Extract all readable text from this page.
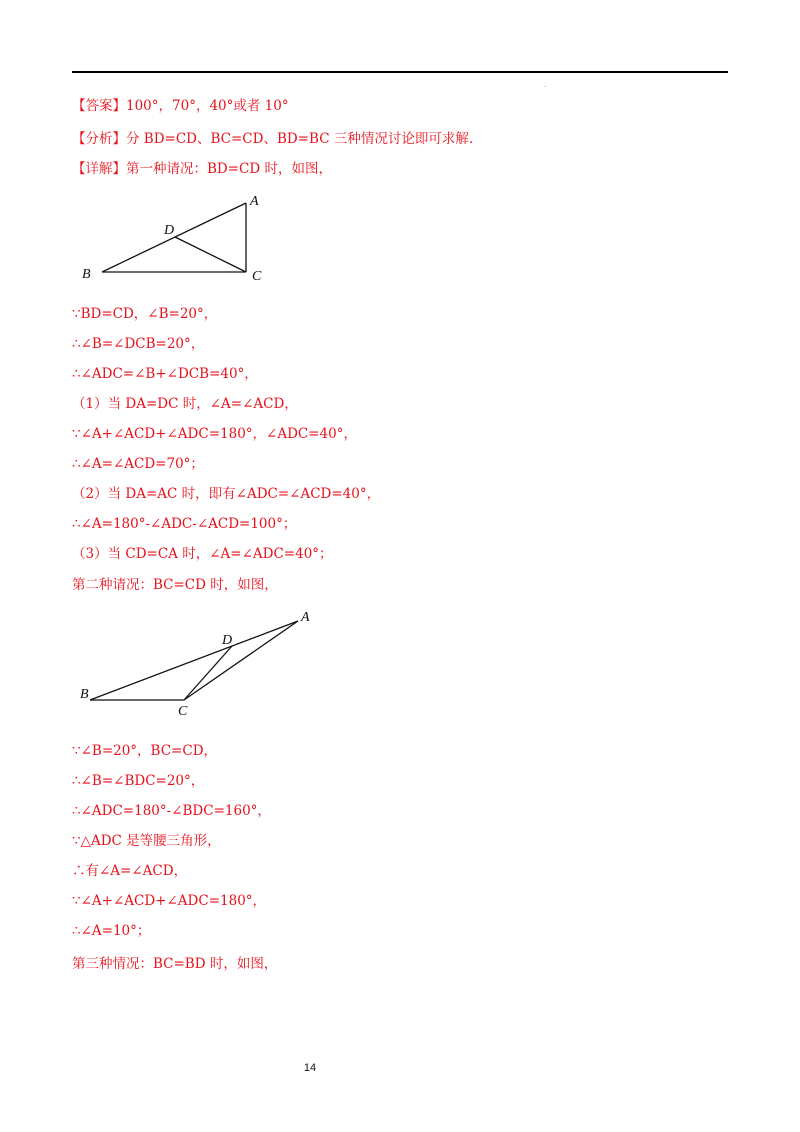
·
【答案】100°，70°，40°或者 10°
【分析】分 BD=CD、BC=CD、BD=BC 三种情况讨论即可求解.
【详解】第一种请况：BD=CD 时，如图，
A
B	C
D
∵BD=CD，∠B=20°，
∴∠B=∠DCB=20°，
∴∠ADC=∠B+∠DCB=40°，
（1）当 DA=DC 时，∠A=∠ACD，
∵∠A+∠ACD+∠ADC=180°，∠ADC=40°，
∴∠A=∠ACD=70°；
（2）当 DA=AC 时，即有∠ADC=∠ACD=40°，
∴∠A=180°-∠ADC-∠ACD=100°；
（3）当 CD=CA 时，∠A=∠ADC=40°；
第二种请况：BC=CD 时，如图，
A
B
C
D
∵∠B=20°，BC=CD，
∴∠B=∠BDC=20°，
∴∠ADC=180°-∠BDC=160°，
∵△ADC 是等腰三角形，
∴有∠A=∠ACD，
∵∠A+∠ACD+∠ADC=180°，
∴∠A=10°；
第三种情况：BC=BD 时，如图，
14
